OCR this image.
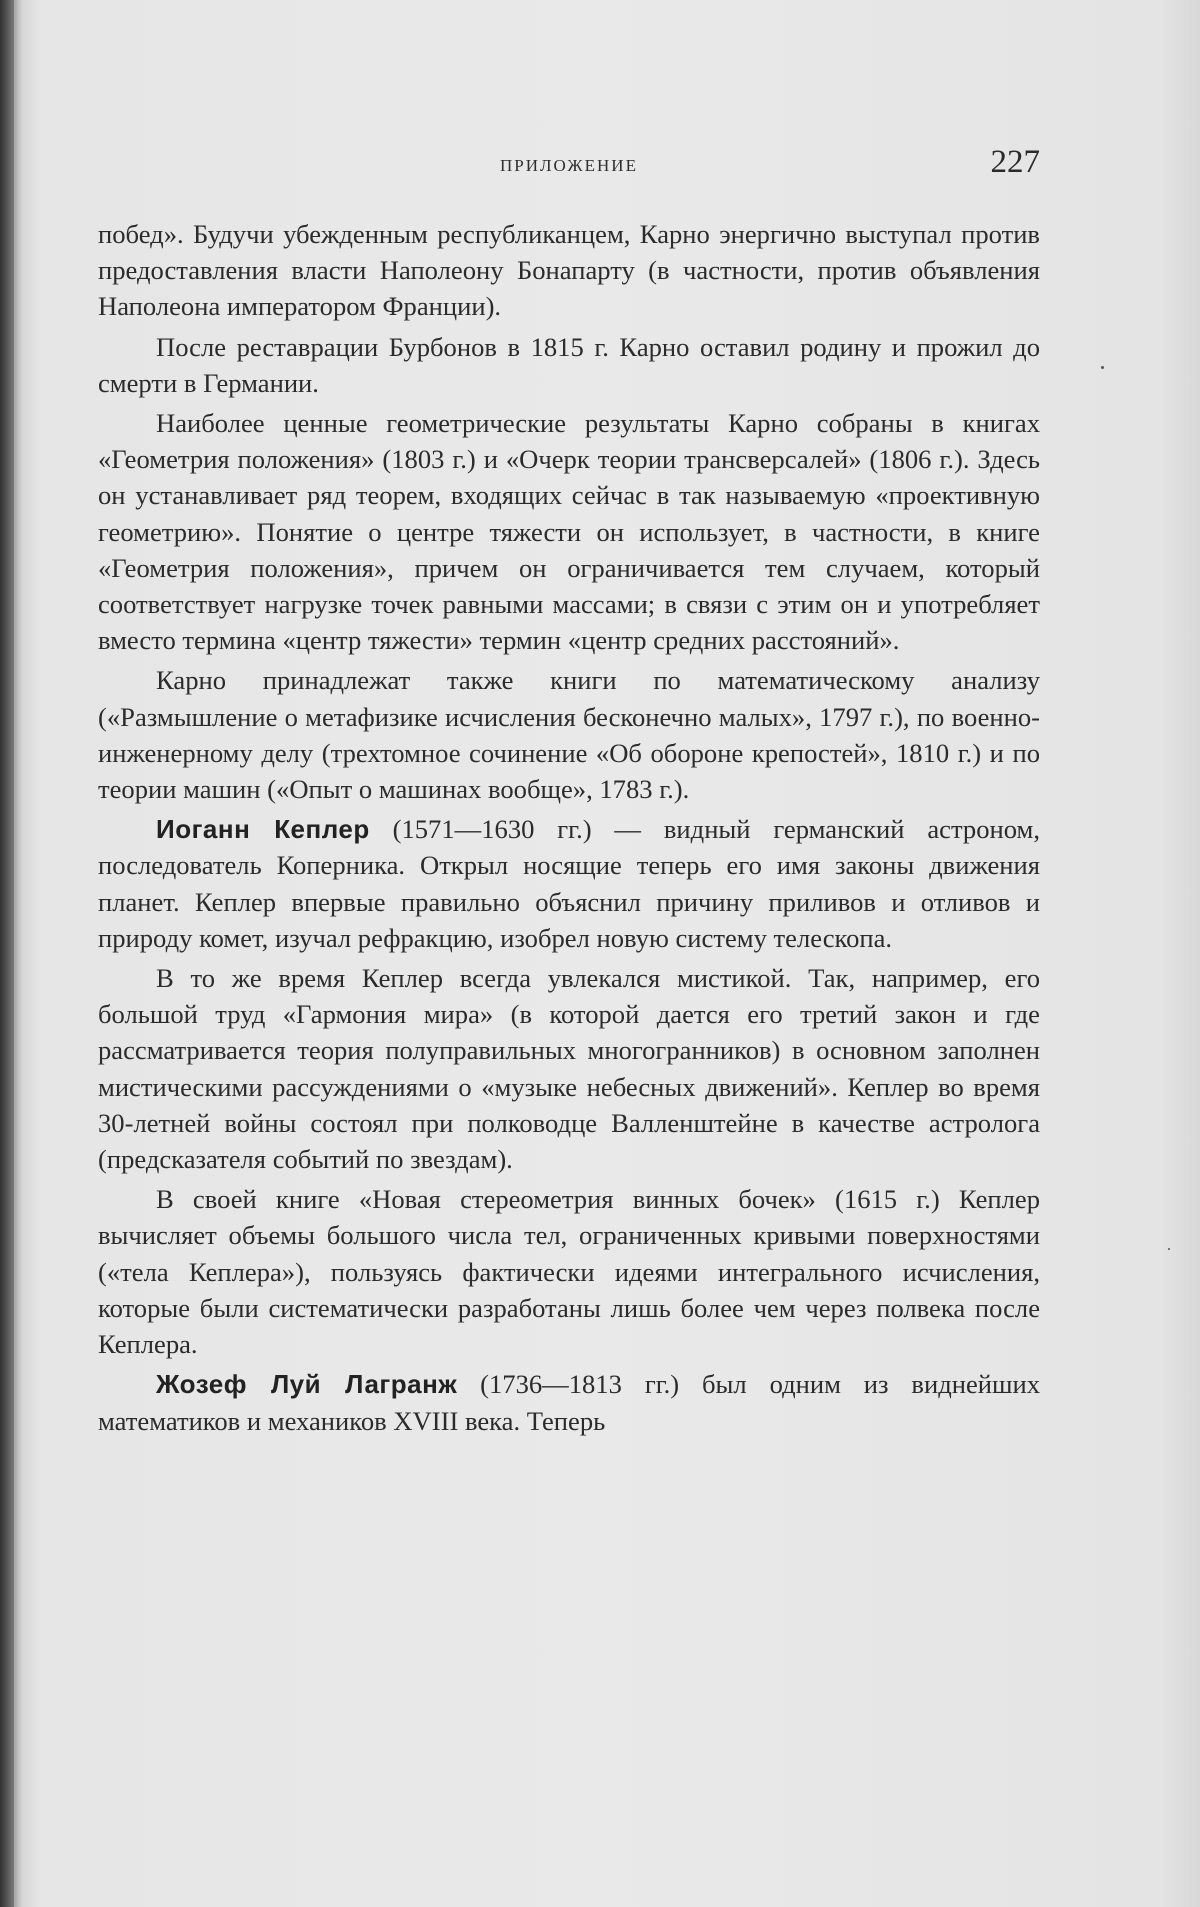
ПРИЛОЖЕНИЕ	227

побед». Будучи убежденным республиканцем, Карно энергично выступал против предоставления власти Наполеону Бонапарту (в частности, против объявления Наполеона императором Франции).

После реставрации Бурбонов в 1815 г. Карно оставил родину и прожил до смерти в Германии.

Наиболее ценные геометрические результаты Карно собраны в книгах «Геометрия положения» (1803 г.) и «Очерк теории трансверсалей» (1806 г.). Здесь он устанавливает ряд теорем, входящих сейчас в так называемую «проективную геометрию». Понятие о центре тяжести он использует, в частности, в книге «Геометрия положения», причем он ограничивается тем случаем, который соответствует нагрузке точек равными массами; в связи с этим он и употребляет вместо термина «центр тяжести» термин «центр средних расстояний».

Карно принадлежат также книги по математическому анализу («Размышление о метафизике исчисления бесконечно малых», 1797 г.), по военно-инженерному делу (трехтомное сочинение «Об обороне крепостей», 1810 г.) и по теории машин («Опыт о машинах вообще», 1783 г.).

Иоганн Кеплер (1571—1630 гг.) — видный германский астроном, последователь Коперника. Открыл носящие теперь его имя законы движения планет. Кеплер впервые правильно объяснил причину приливов и отливов и природу комет, изучал рефракцию, изобрел новую систему телескопа.

В то же время Кеплер всегда увлекался мистикой. Так, например, его большой труд «Гармония мира» (в которой дается его третий закон и где рассматривается теория полуправильных многогранников) в основном заполнен мистическими рассуждениями о «музыке небесных движений». Кеплер во время 30-летней войны состоял при полководце Валленштейне в качестве астролога (предсказателя событий по звездам).

В своей книге «Новая стереометрия винных бочек» (1615 г.) Кеплер вычисляет объемы большого числа тел, ограниченных кривыми поверхностями («тела Кеплера»), пользуясь фактически идеями интегрального исчисления, которые были систематически разработаны лишь более чем через полвека после Кеплера.

Жозеф Луй Лагранж (1736—1813 гг.) был одним из виднейших математиков и механиков XVIII века. Теперь
